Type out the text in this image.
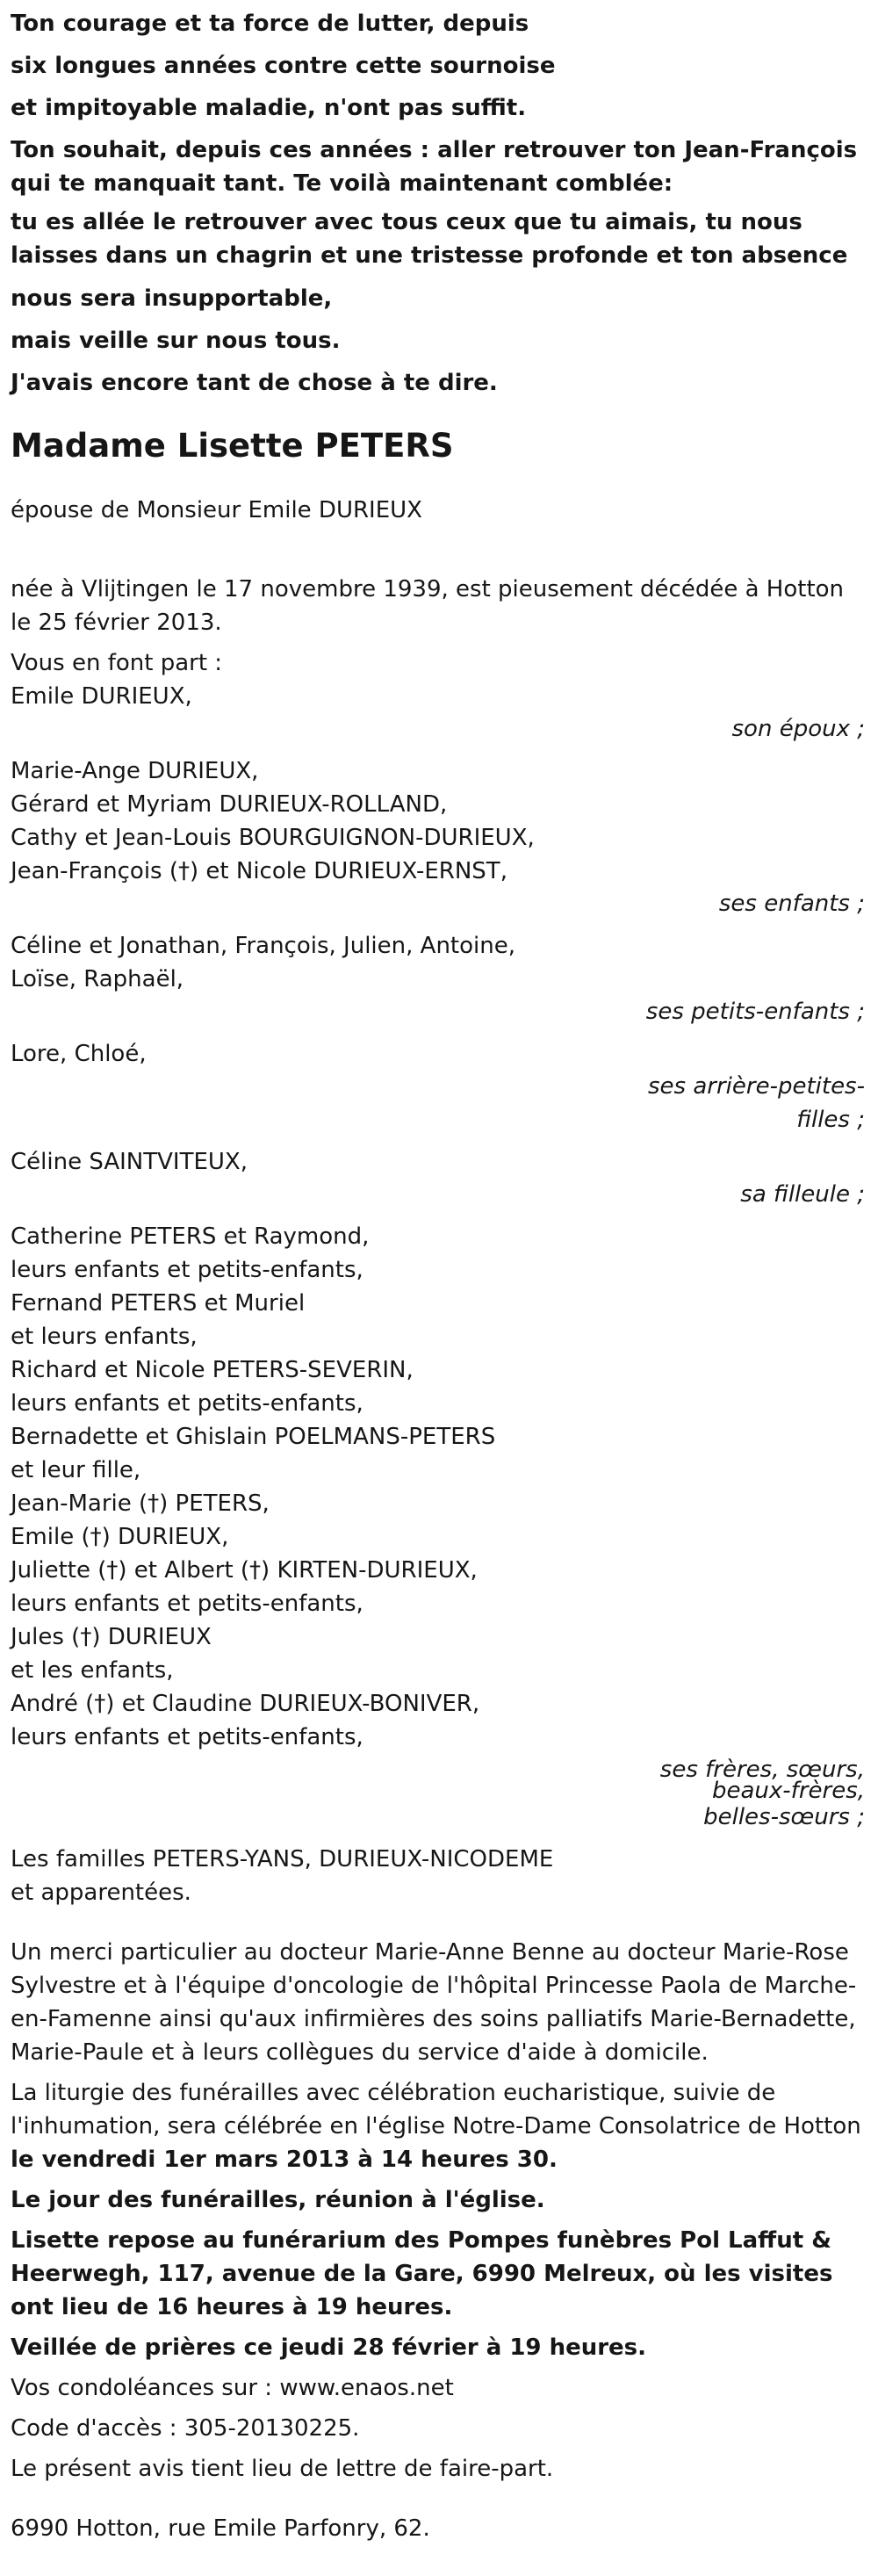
Ton courage et ta force de lutter, depuis

six longues années contre cette sournoise

et impitoyable maladie, n'ont pas suffit.

Ton souhait, depuis ces années : aller retrouver ton Jean-François qui te manquait tant. Te voilà maintenant comblée:

tu es allée le retrouver avec tous ceux que tu aimais, tu nous laisses dans un chagrin et une tristesse profonde et ton absence

nous sera insupportable,

mais veille sur nous tous.

J'avais encore tant de chose à te dire.

Madame Lisette PETERS

épouse de Monsieur Emile DURIEUX

née à Vlijtingen le 17 novembre 1939, est pieusement décédée à Hotton le 25 février 2013.

Vous en font part :

Emile DURIEUX,

son époux ;

Marie-Ange DURIEUX,

Gérard et Myriam DURIEUX-ROLLAND,

Cathy et Jean-Louis BOURGUIGNON-DURIEUX,

Jean-François (†) et Nicole DURIEUX-ERNST,

ses enfants ;

Céline et Jonathan, François, Julien, Antoine,

Loïse, Raphaël,

ses petits-enfants ;

Lore, Chloé,

ses arrière-petites-filles ;

Céline SAINTVITEUX,

sa filleule ;

Catherine PETERS et Raymond,

leurs enfants et petits-enfants,

Fernand PETERS et Muriel

et leurs enfants,

Richard et Nicole PETERS-SEVERIN,

leurs enfants et petits-enfants,

Bernadette et Ghislain POELMANS-PETERS

et leur fille,

Jean-Marie (†) PETERS,

Emile (†) DURIEUX,

Juliette (†) et Albert (†) KIRTEN-DURIEUX,

leurs enfants et petits-enfants,

Jules (†) DURIEUX

et les enfants,

André (†) et Claudine DURIEUX-BONIVER,

leurs enfants et petits-enfants,

ses frères, sœurs,

beaux-frères,

belles-sœurs ;

Les familles PETERS-YANS, DURIEUX-NICODEME

et apparentées.

Un merci particulier au docteur Marie-Anne Benne au docteur Marie-Rose Sylvestre et à l'équipe d'oncologie de l'hôpital Princesse Paola de Marche-en-Famenne ainsi qu'aux infirmières des soins palliatifs Marie-Bernadette, Marie-Paule et à leurs collègues du service d'aide à domicile.

La liturgie des funérailles avec célébration eucharistique, suivie de l'inhumation, sera célébrée en l'église Notre-Dame Consolatrice de Hotton le vendredi 1er mars 2013 à 14 heures 30.

Le jour des funérailles, réunion à l'église.

Lisette repose au funérarium des Pompes funèbres Pol Laffut & Heerwegh, 117, avenue de la Gare, 6990 Melreux, où les visites ont lieu de 16 heures à 19 heures.

Veillée de prières ce jeudi 28 février à 19 heures.

Vos condoléances sur : www.enaos.net

Code d'accès : 305-20130225.

Le présent avis tient lieu de lettre de faire-part.

6990 Hotton, rue Emile Parfonry, 62.
